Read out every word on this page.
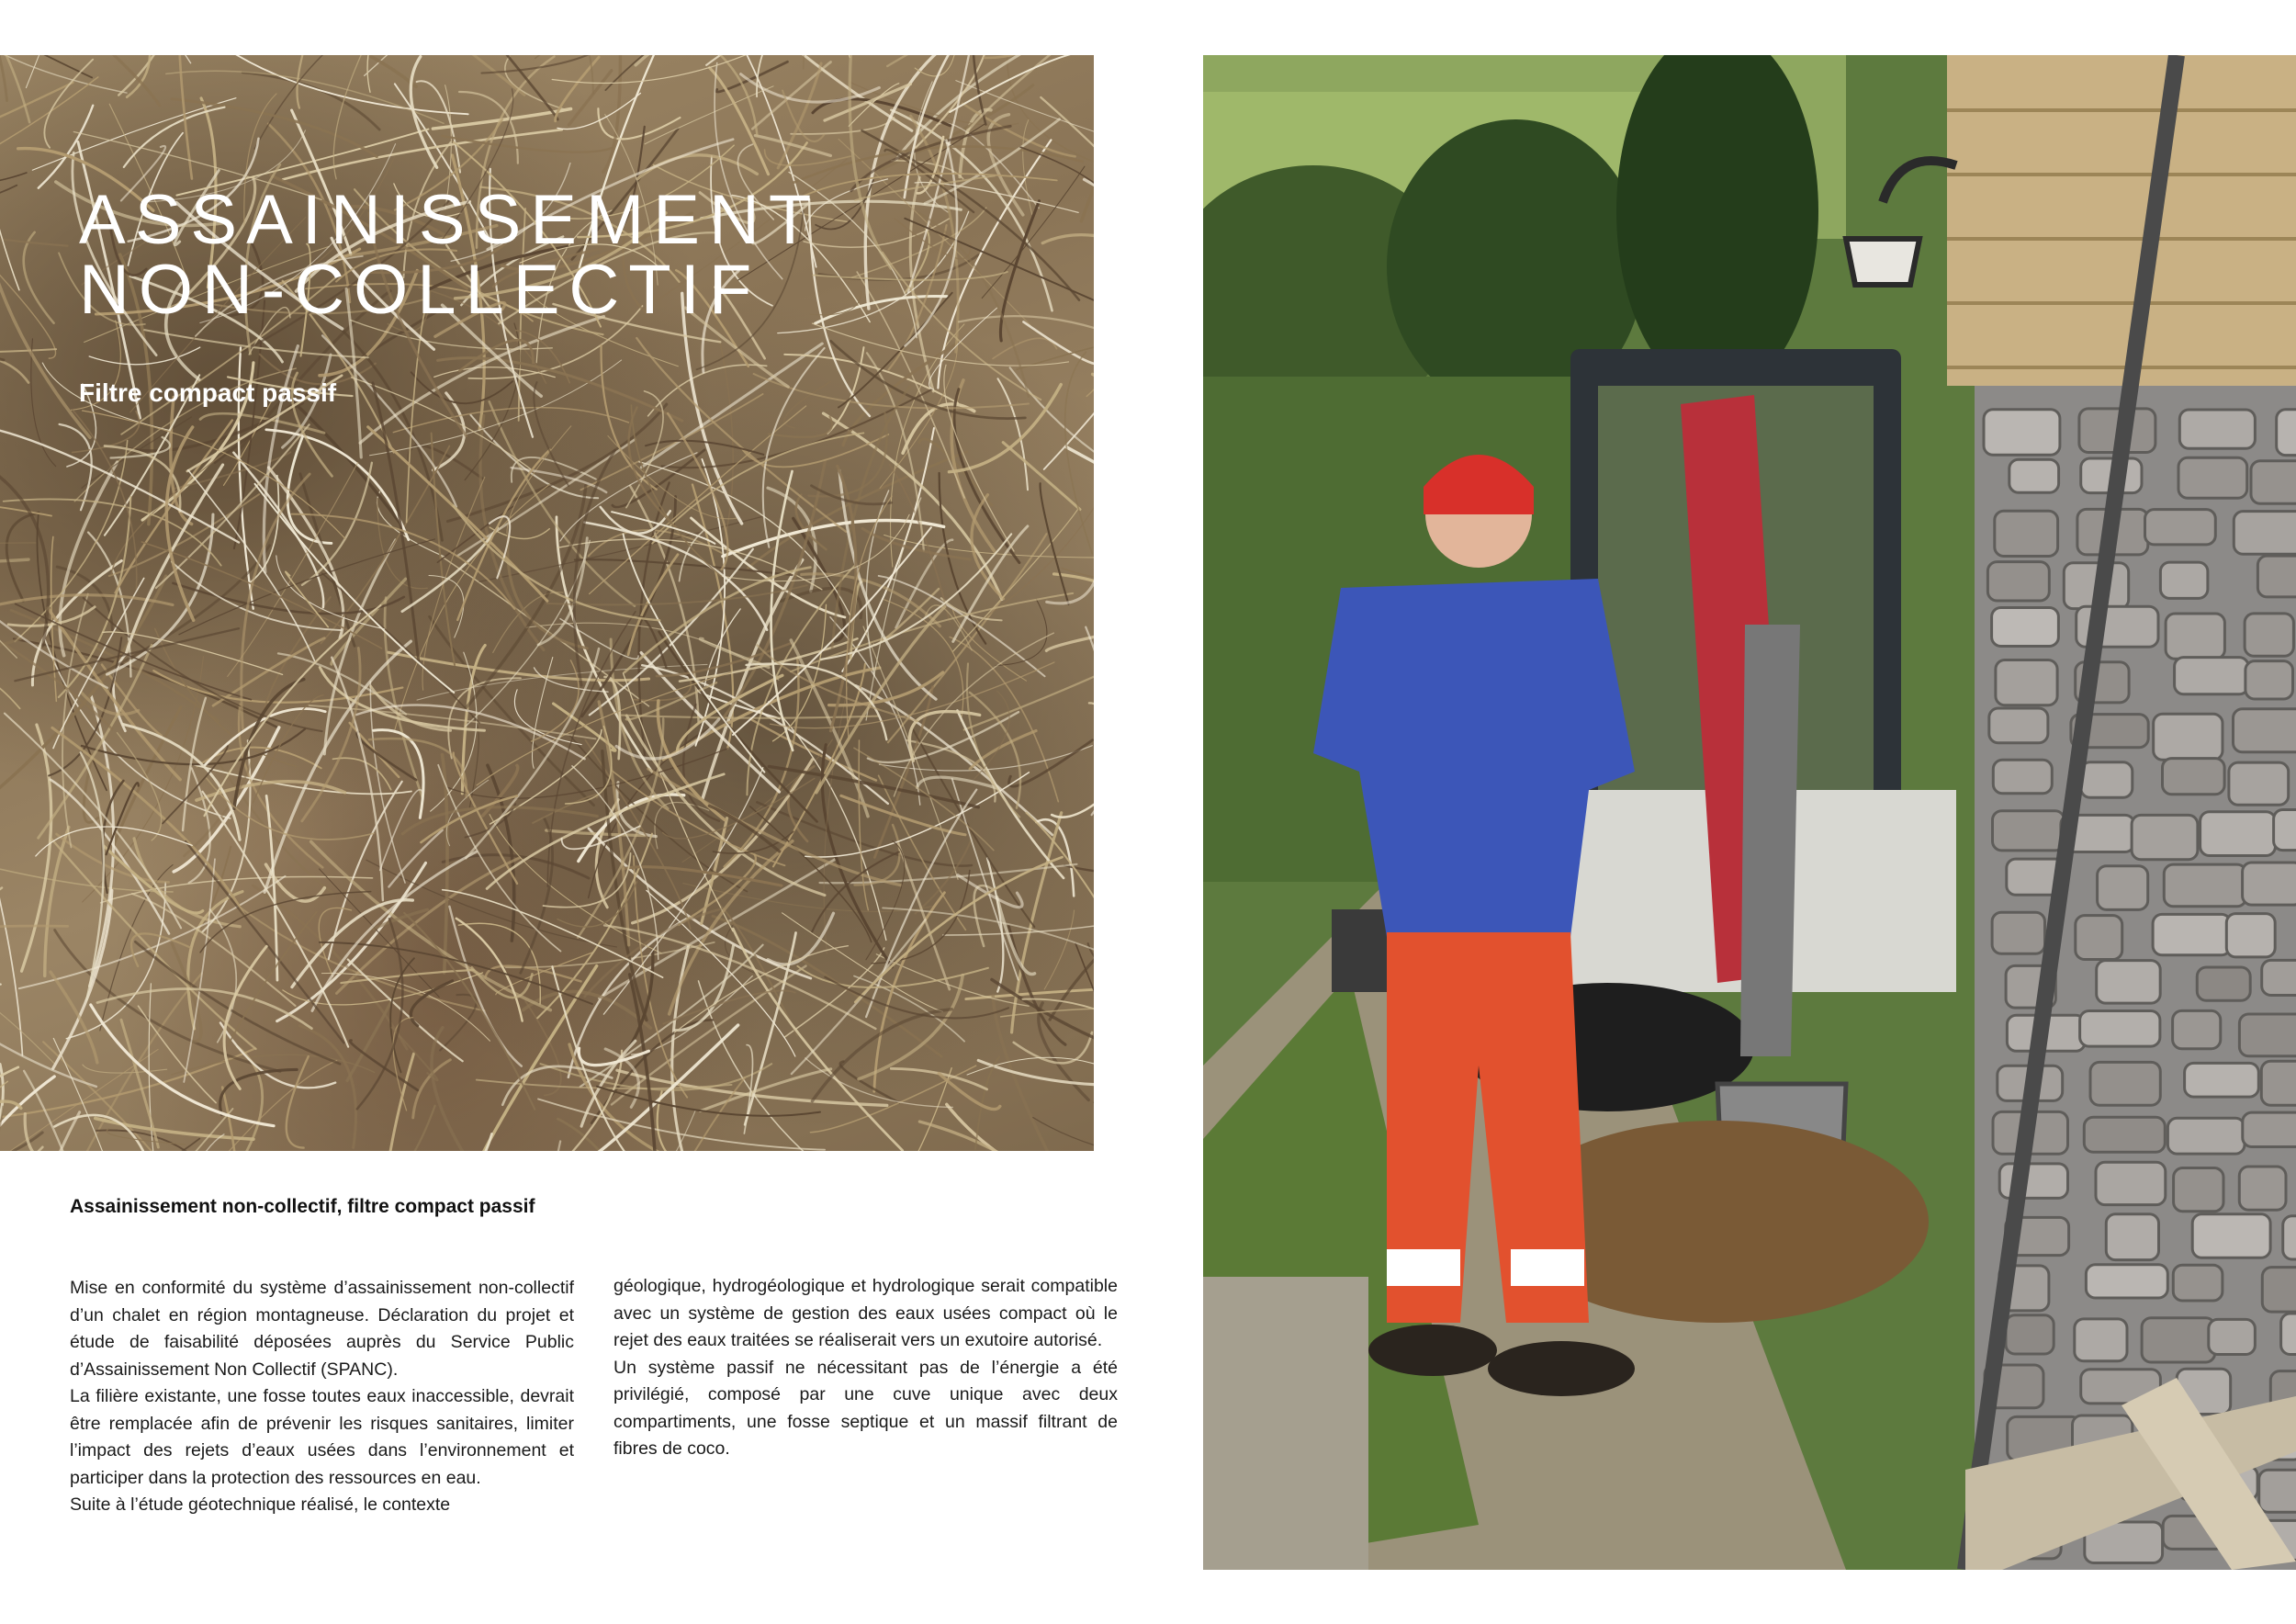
ASSAINISSEMENT
NON-COLLECTIF
Filtre compact passif
Assainissement non-collectif, filtre compact passif

Mise en conformité du système d’assainissement non-collectif d’un chalet en région montagneuse. Déclaration du projet et étude de faisabilité déposées auprès du Service Public d’Assainissement Non Collectif (SPANC).

La filière existante, une fosse toutes eaux inaccessible, devrait être remplacée afin de prévenir les risques sanitaires, limiter l’impact des rejets d’eaux usées dans l’environnement et participer dans la protection des ressources en eau.

Suite à l’étude géotechnique réalisé, le contexte

géologique, hydrogéologique et hydrologique serait compatible avec un système de gestion des eaux usées compact où le rejet des eaux traitées se réaliserait vers un exutoire autorisé.

Un système passif ne nécessitant pas de l’énergie a été privilégié, composé par une cuve unique avec deux compartiments, une fosse septique et un massif filtrant de fibres de coco.
